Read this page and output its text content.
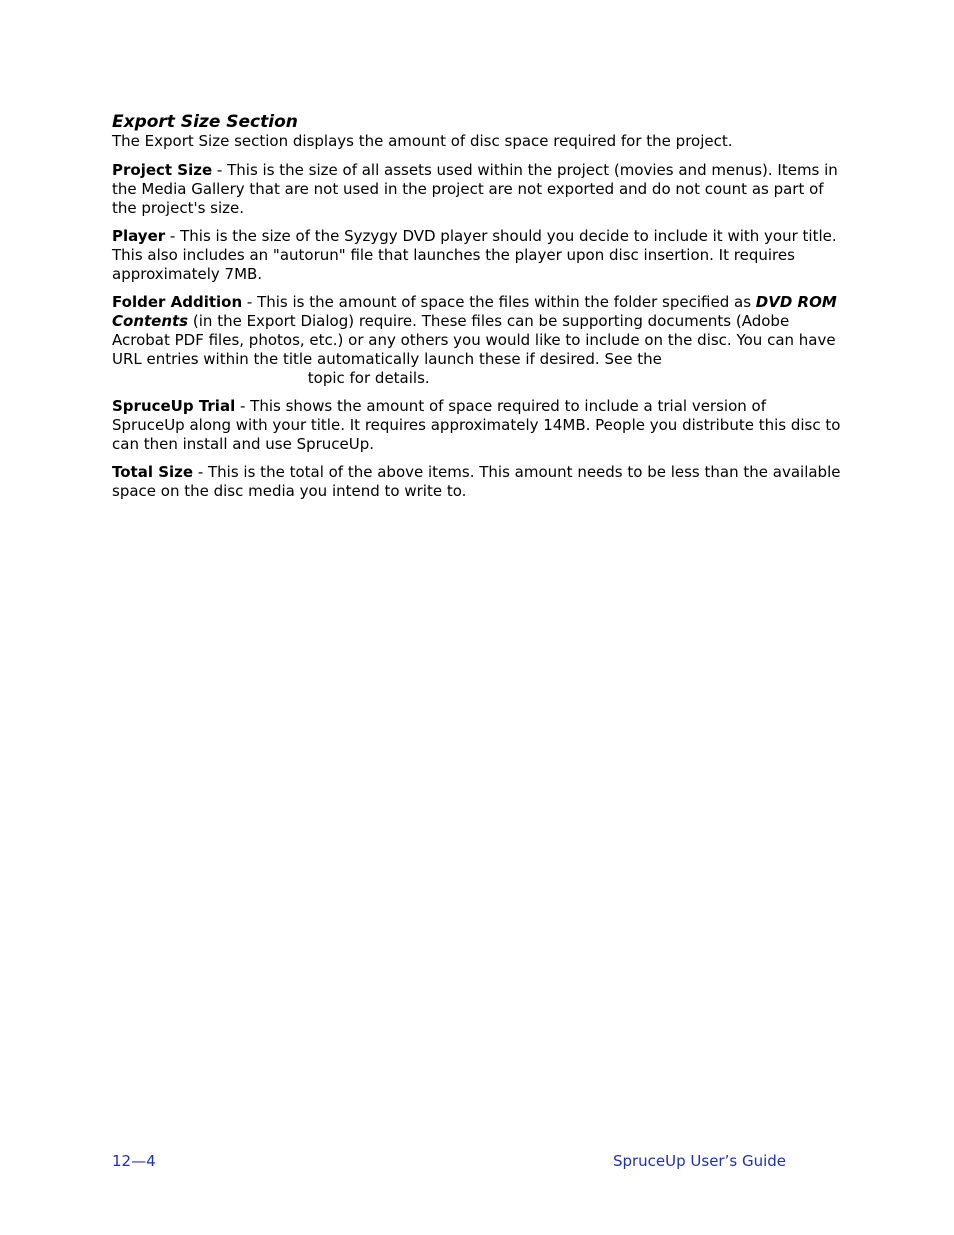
Export Size Section

The Export Size section displays the amount of disc space required for the project.

Project Size - This is the size of all assets used within the project (movies and menus). Items in the Media Gallery that are not used in the project are not exported and do not count as part of the project's size.

Player - This is the size of the Syzygy DVD player should you decide to include it with your title. This also includes an "autorun" file that launches the player upon disc insertion. It requires approximately 7MB.

Folder Addition - This is the amount of space the files within the folder specified as DVD ROM Contents (in the Export Dialog) require. These files can be supporting documents (Adobe Acrobat PDF files, photos, etc.) or any others you would like to include on the disc. You can have URL entries within the title automatically launch these if desired. See the  topic for details.

SpruceUp Trial - This shows the amount of space required to include a trial version of SpruceUp along with your title. It requires approximately 14MB. People you distribute this disc to can then install and use SpruceUp.

Total Size - This is the total of the above items. This amount needs to be less than the available space on the disc media you intend to write to.

12—4	SpruceUp User’s Guide
